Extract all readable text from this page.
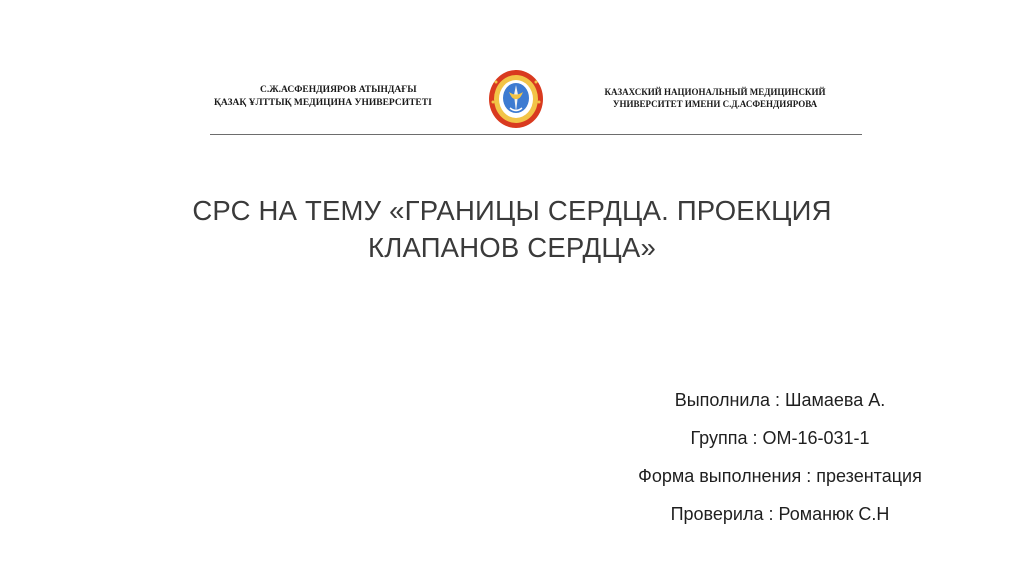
С.Ж.АСФЕНДИЯРОВ АТЫНДАҒЫ
ҚАЗАҚ ҰЛТТЫҚ МЕДИЦИНА УНИВЕРСИТЕТІ
КАЗАХСКИЙ НАЦИОНАЛЬНЫЙ МЕДИЦИНСКИЙ
УНИВЕРСИТЕТ ИМЕНИ С.Д.АСФЕНДИЯРОВА
СРС НА ТЕМУ «ГРАНИЦЫ СЕРДЦА. ПРОЕКЦИЯ
КЛАПАНОВ СЕРДЦА»
Выполнила : Шамаева А.
Группа : ОМ-16-031-1
Форма выполнения : презентация
Проверила : Романюк С.Н
